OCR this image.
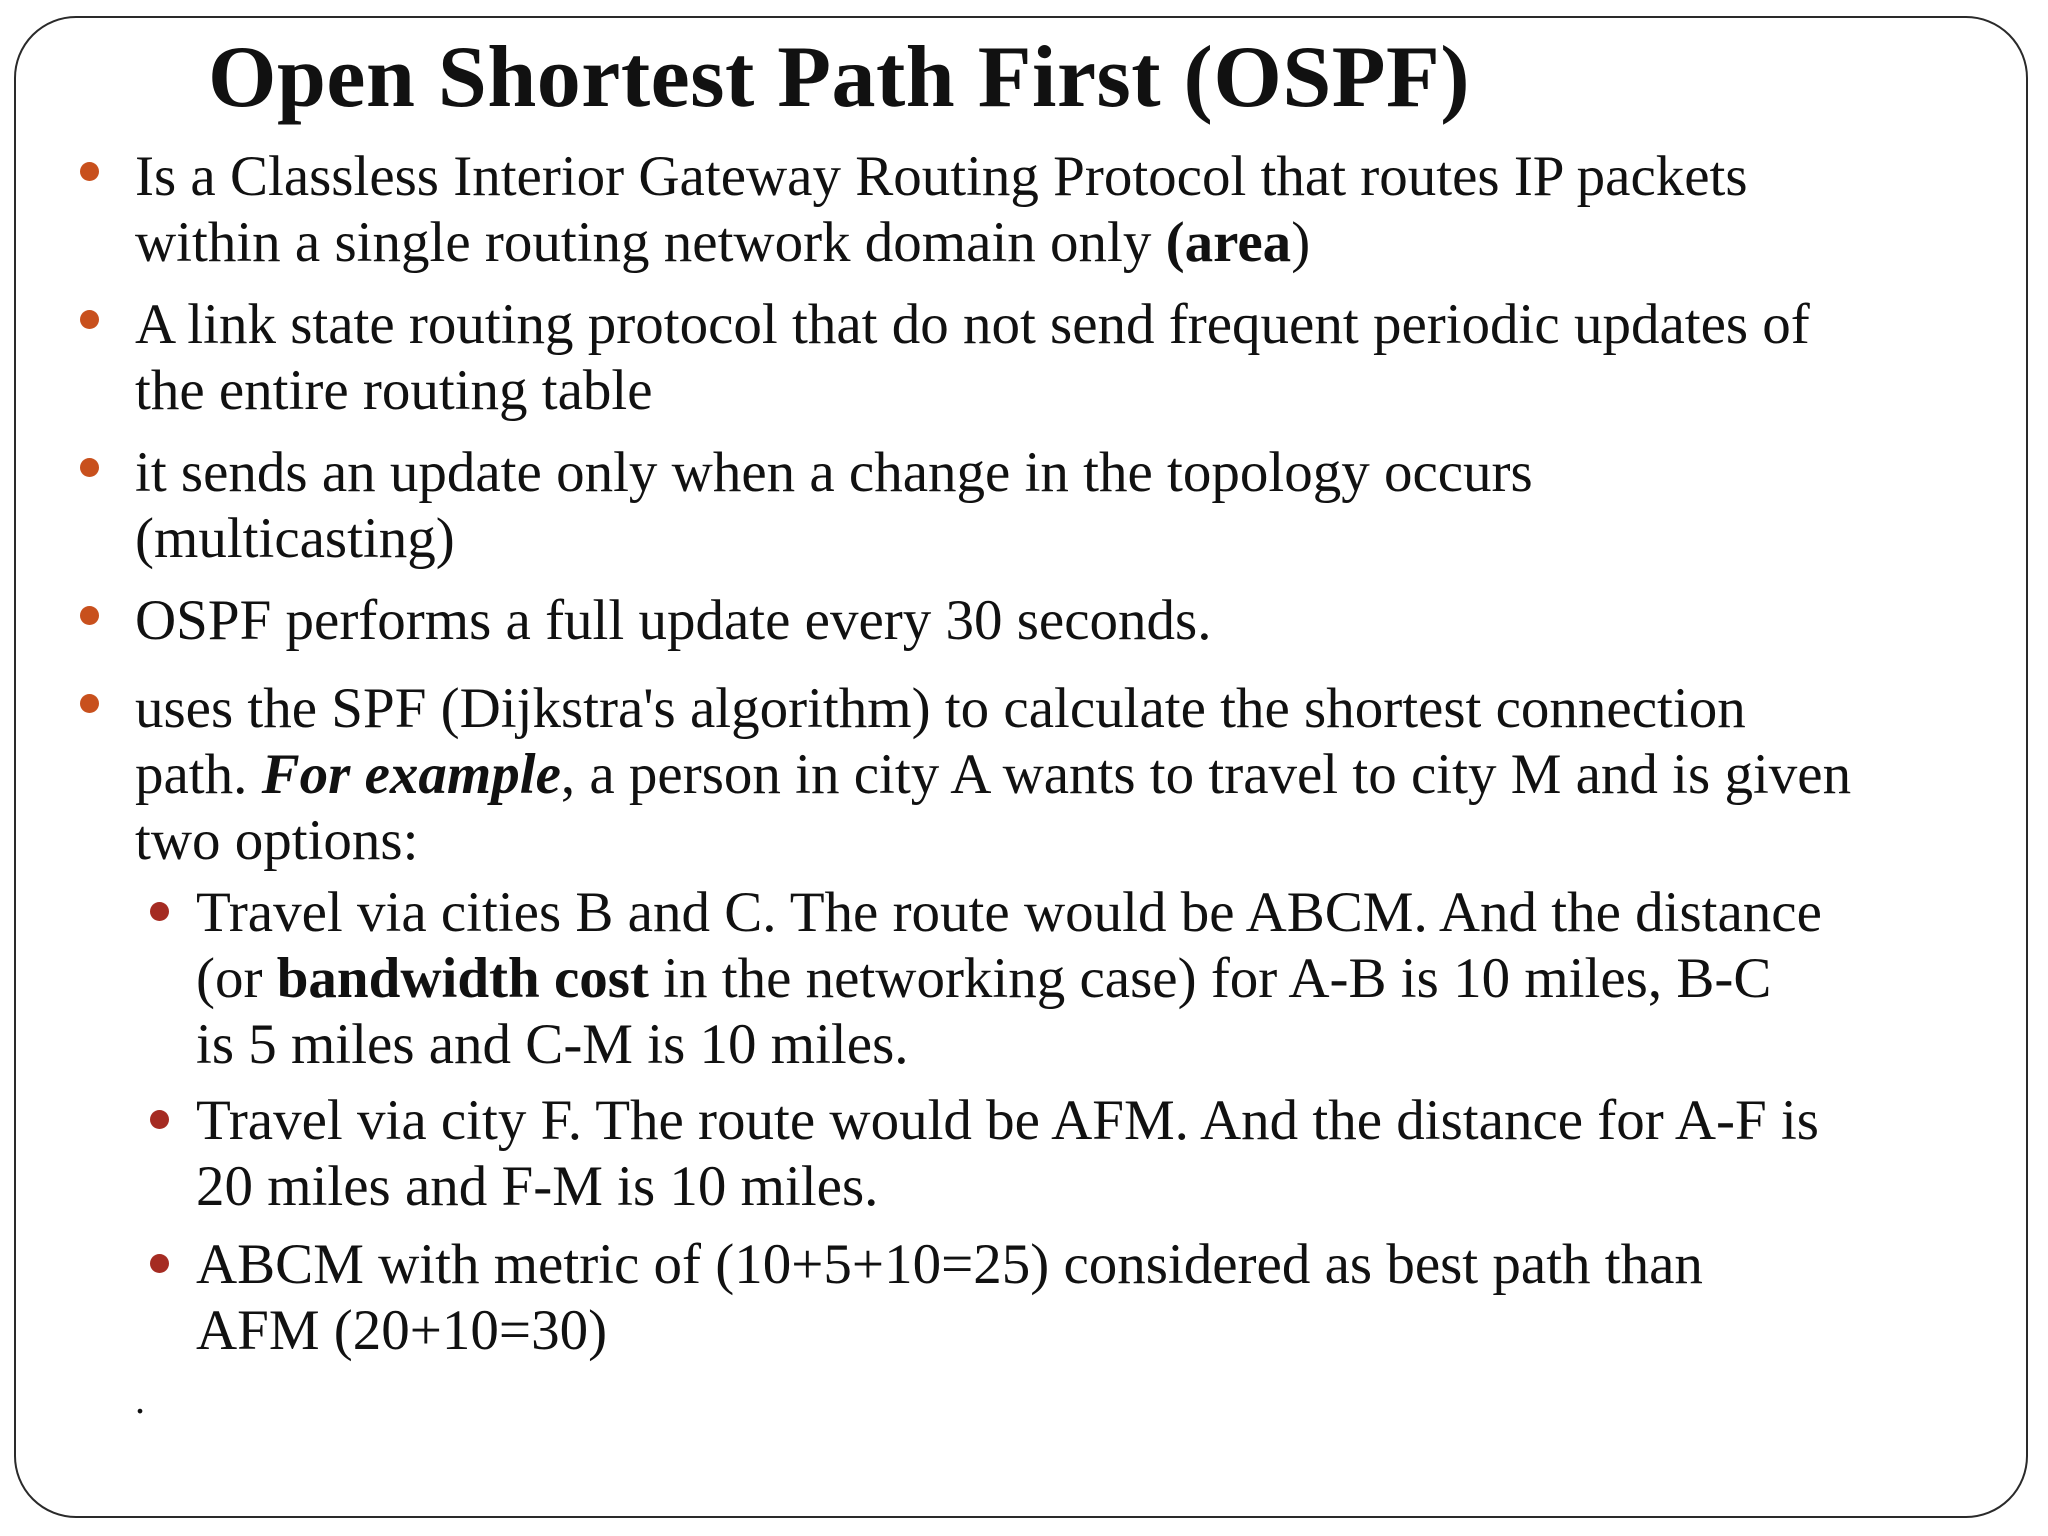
Open Shortest Path First (OSPF)
Is a Classless Interior Gateway Routing Protocol that routes IP packets
within a single routing network domain only (area)
A link state routing protocol that do not send frequent periodic updates of
the entire routing table
it sends an update only when a change in the topology occurs
(multicasting)
OSPF performs a full update every 30 seconds.
uses the SPF (Dijkstra's algorithm) to calculate the shortest connection
path. For example, a person in city A wants to travel to city M and is given
two options:
Travel via cities B and C. The route would be ABCM. And the distance
(or bandwidth cost in the networking case) for A-B is 10 miles, B-C
is 5 miles and C-M is 10 miles.
Travel via city F. The route would be AFM. And the distance for A-F is
20 miles and F-M is 10 miles.
ABCM with metric of (10+5+10=25) considered as best path than
AFM (20+10=30)
.
